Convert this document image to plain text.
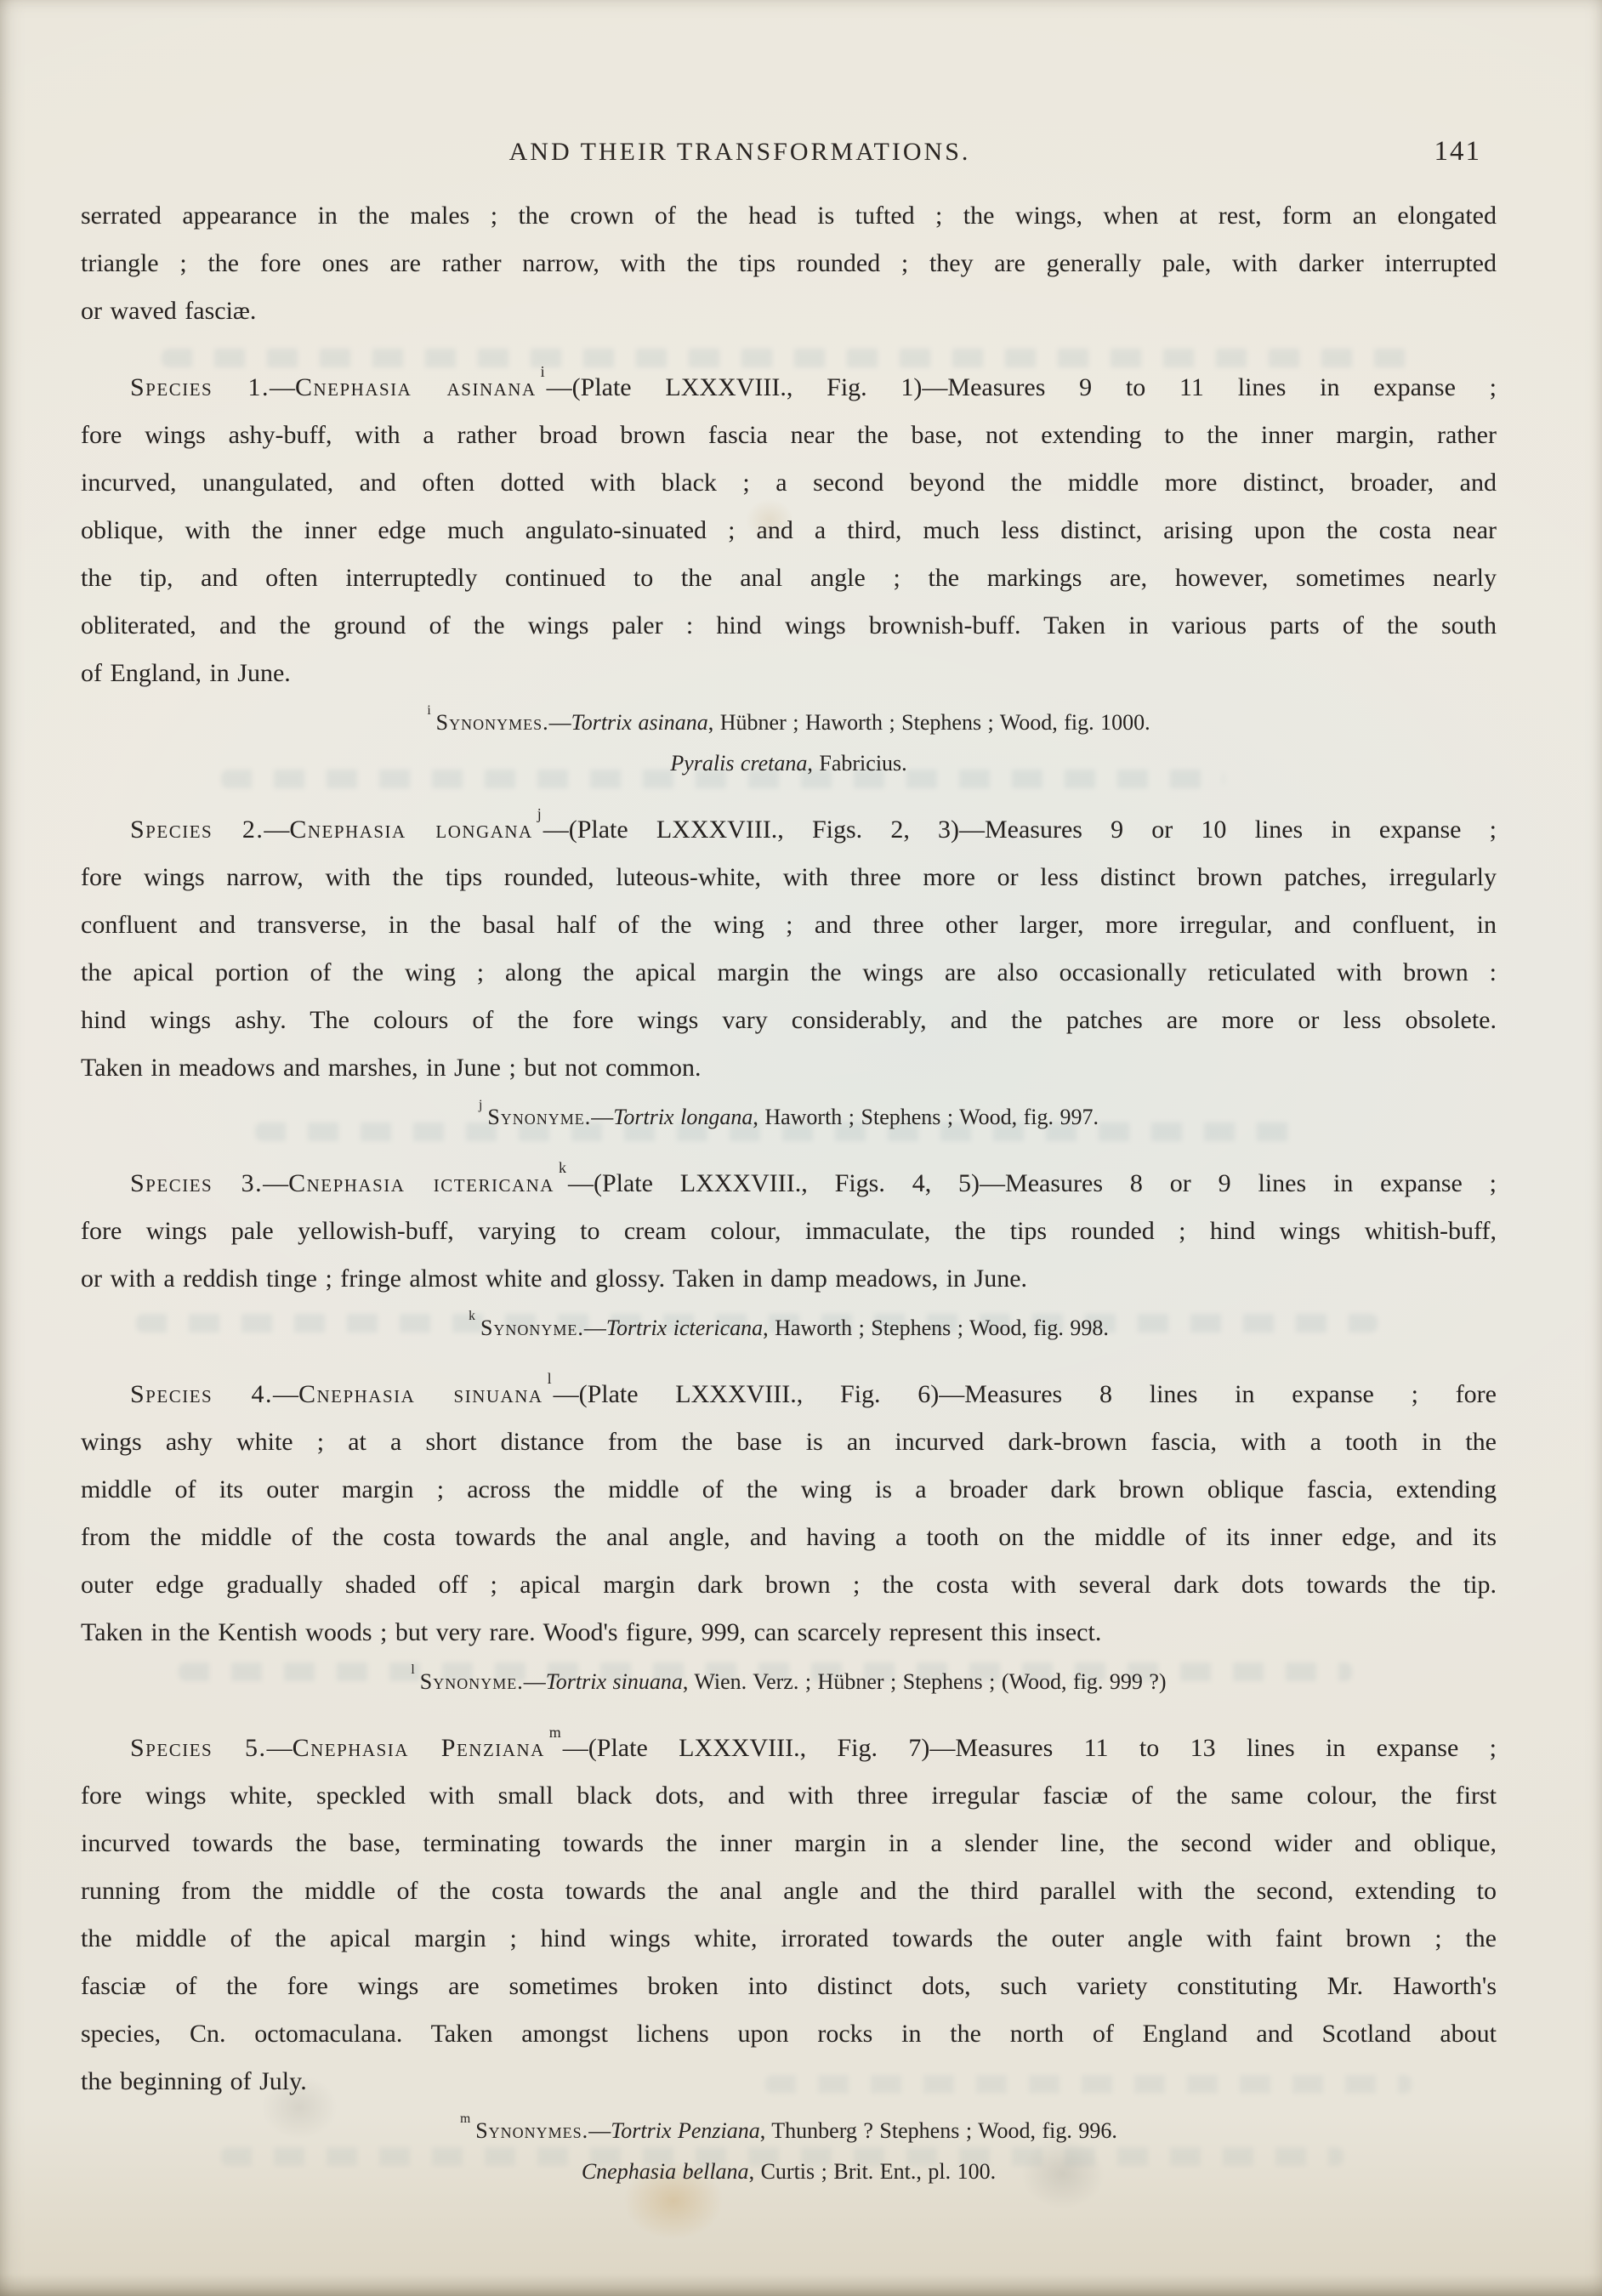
AND THEIR TRANSFORMATIONS.	141
serrated appearance in the males ; the crown of the head is tufted ; the wings, when at rest, form an elongated
triangle ; the fore ones are rather narrow, with the tips rounded ; they are generally pale, with darker interrupted
or waved fasciæ.
Species 1.—Cnephasia asinana$^i$—(Plate LXXXVIII., Fig. 1)—Measures 9 to 11 lines in expanse ;
fore wings ashy-buff, with a rather broad brown fascia near the base, not extending to the inner margin, rather
incurved, unangulated, and often dotted with black ; a second beyond the middle more distinct, broader, and
oblique, with the inner edge much angulato-sinuated ; and a third, much less distinct, arising upon the costa near
the tip, and often interruptedly continued to the anal angle ; the markings are, however, sometimes nearly
obliterated, and the ground of the wings paler : hind wings brownish-buff. Taken in various parts of the south
of England, in June.
$^i$ Synonymes.—Tortrix asinana, Hübner ; Haworth ; Stephens ; Wood, fig. 1000.
Pyralis cretana, Fabricius.
Species 2.—Cnephasia longana$^j$—(Plate LXXXVIII., Figs. 2, 3)—Measures 9 or 10 lines in expanse ;
fore wings narrow, with the tips rounded, luteous-white, with three more or less distinct brown patches, irregularly
confluent and transverse, in the basal half of the wing ; and three other larger, more irregular, and confluent, in
the apical portion of the wing ; along the apical margin the wings are also occasionally reticulated with brown :
hind wings ashy. The colours of the fore wings vary considerably, and the patches are more or less obsolete.
Taken in meadows and marshes, in June ; but not common.
$^j$ Synonyme.—Tortrix longana, Haworth ; Stephens ; Wood, fig. 997.
Species 3.—Cnephasia ictericana$^k$—(Plate LXXXVIII., Figs. 4, 5)—Measures 8 or 9 lines in expanse ;
fore wings pale yellowish-buff, varying to cream colour, immaculate, the tips rounded ; hind wings whitish-buff,
or with a reddish tinge ; fringe almost white and glossy. Taken in damp meadows, in June.
$^k$ Synonyme.—Tortrix ictericana, Haworth ; Stephens ; Wood, fig. 998.
Species 4.—Cnephasia sinuana$^l$—(Plate LXXXVIII., Fig. 6)—Measures 8 lines in expanse ; fore
wings ashy white ; at a short distance from the base is an incurved dark-brown fascia, with a tooth in the
middle of its outer margin ; across the middle of the wing is a broader dark brown oblique fascia, extending
from the middle of the costa towards the anal angle, and having a tooth on the middle of its inner edge, and its
outer edge gradually shaded off ; apical margin dark brown ; the costa with several dark dots towards the tip.
Taken in the Kentish woods ; but very rare. Wood's figure, 999, can scarcely represent this insect.
$^l$ Synonyme.—Tortrix sinuana, Wien. Verz. ; Hübner ; Stephens ; (Wood, fig. 999 ?)
Species 5.—Cnephasia Penziana$^m$—(Plate LXXXVIII., Fig. 7)—Measures 11 to 13 lines in expanse ;
fore wings white, speckled with small black dots, and with three irregular fasciæ of the same colour, the first
incurved towards the base, terminating towards the inner margin in a slender line, the second wider and oblique,
running from the middle of the costa towards the anal angle and the third parallel with the second, extending to
the middle of the apical margin ; hind wings white, irrorated towards the outer angle with faint brown ; the
fasciæ of the fore wings are sometimes broken into distinct dots, such variety constituting Mr. Haworth's
species, Cn. octomaculana. Taken amongst lichens upon rocks in the north of England and Scotland about
the beginning of July.
$^m$ Synonymes.—Tortrix Penziana, Thunberg ? Stephens ; Wood, fig. 996.
Cnephasia bellana, Curtis ; Brit. Ent., pl. 100.
